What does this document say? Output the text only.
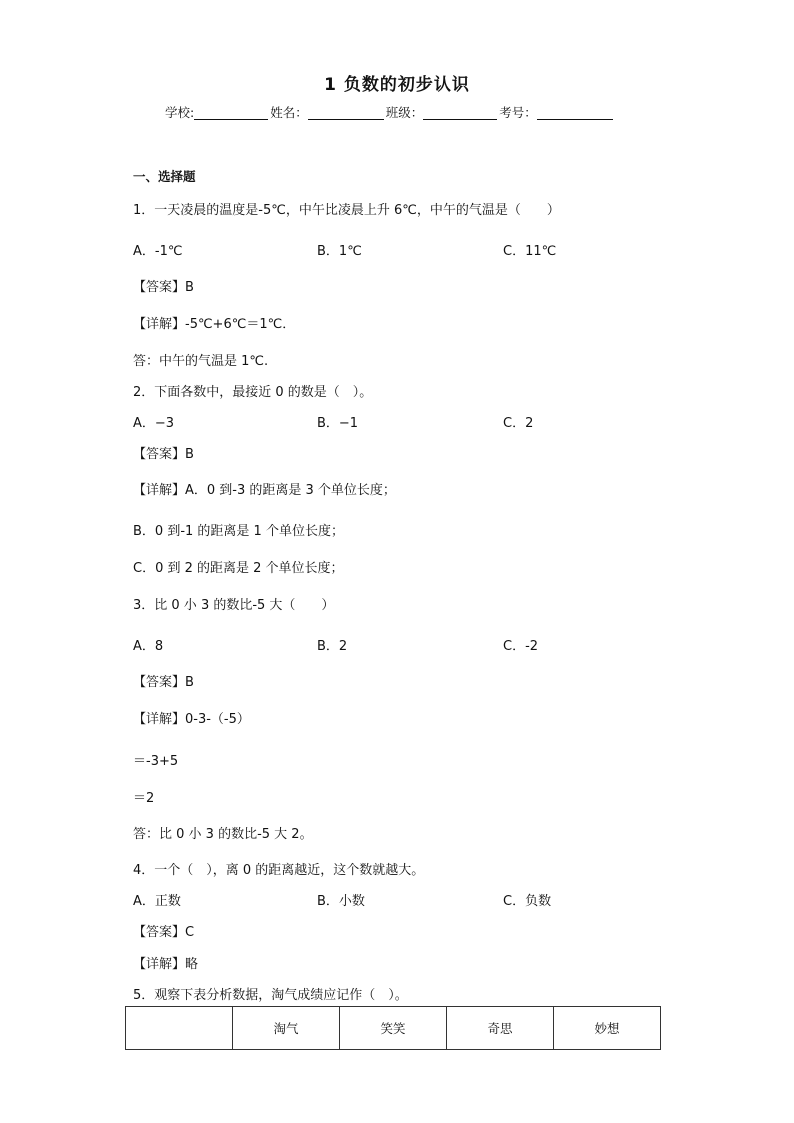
1 负数的初步认识
学校:	姓名：	班级：	考号：
一、选择题
1．一天凌晨的温度是-5℃，中午比凌晨上升 6℃，中午的气温是（　　）
A．-1℃	B．1℃	C．11℃
【答案】B
【详解】-5℃+6℃＝1℃．
答：中午的气温是 1℃.
2．下面各数中，最接近 0 的数是（　）。
A．−3	B．−1	C．2
【答案】B
【详解】A．0 到-3 的距离是 3 个单位长度；
B．0 到-1 的距离是 1 个单位长度；
C．0 到 2 的距离是 2 个单位长度；
3．比 0 小 3 的数比-5 大（　　）
A．8	B．2	C．-2
【答案】B
【详解】0-3-（-5）
＝-3+5
＝2
答：比 0 小 3 的数比-5 大 2。
4．一个（　），离 0 的距离越近，这个数就越大。
A．正数	B．小数	C．负数
【答案】C
【详解】略
5．观察下表分析数据，淘气成绩应记作（　）。
	淘气	笑笑	奇思	妙想
